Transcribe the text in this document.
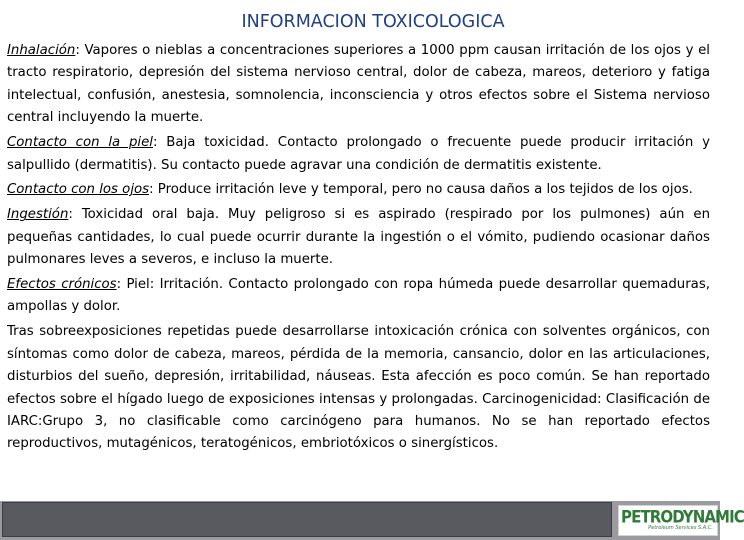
INFORMACION TOXICOLOGICA

Inhalación: Vapores o nieblas a concentraciones superiores a 1000 ppm causan irritación de los ojos y el tracto respiratorio, depresión del sistema nervioso central, dolor de cabeza, mareos, deterioro y fatiga intelectual, confusión, anestesia, somnolencia, inconsciencia y otros efectos sobre el Sistema nervioso central incluyendo la muerte.

Contacto con la piel: Baja toxicidad. Contacto prolongado o frecuente puede producir irritación y salpullido (dermatitis). Su contacto puede agravar una condición de dermatitis existente.

Contacto con los ojos: Produce irritación leve y temporal, pero no causa daños a los tejidos de los ojos.

Ingestión: Toxicidad oral baja. Muy peligroso si es aspirado (respirado por los pulmones) aún en pequeñas cantidades, lo cual puede ocurrir durante la ingestión o el vómito, pudiendo ocasionar daños pulmonares leves a severos, e incluso la muerte.

Efectos crónicos: Piel: Irritación. Contacto prolongado con ropa húmeda puede desarrollar quemaduras, ampollas y dolor.

Tras sobreexposiciones repetidas puede desarrollarse intoxicación crónica con solventes orgánicos, con síntomas como dolor de cabeza, mareos, pérdida de la memoria, cansancio, dolor en las articulaciones, disturbios del sueño, depresión, irritabilidad, náuseas. Esta afección es poco común. Se han reportado efectos sobre el hígado luego de exposiciones intensas y prolongadas. Carcinogenicidad: Clasificación de IARC:Grupo 3, no clasificable como carcinógeno para humanos. No se han reportado efectos reproductivos, mutagénicos, teratogénicos, embriotóxicos o sinergísticos.

PETRODYNAMIC
Petroleum Services S.A.C.
